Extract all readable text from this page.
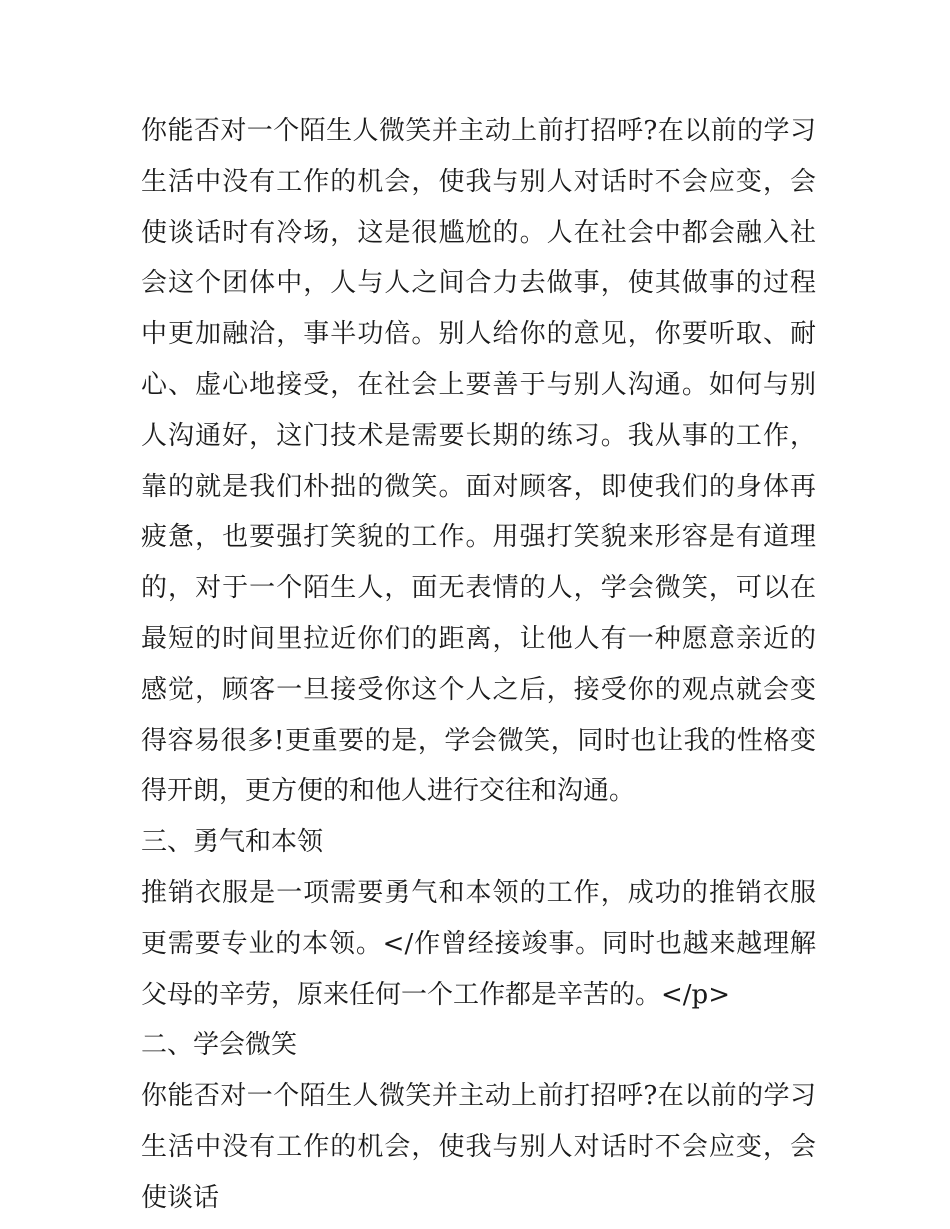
你能否对一个陌生人微笑并主动上前打招呼?在以前的学习生活中没有工作的机会，使我与别人对话时不会应变，会使谈话时有冷场，这是很尴尬的。人在社会中都会融入社会这个团体中，人与人之间合力去做事，使其做事的过程中更加融洽，事半功倍。别人给你的意见，你要听取、耐心、虚心地接受，在社会上要善于与别人沟通。如何与别人沟通好，这门技术是需要长期的练习。我从事的工作，靠的就是我们朴拙的微笑。面对顾客，即使我们的身体再疲惫，也要强打笑貌的工作。用强打笑貌来形容是有道理的，对于一个陌生人，面无表情的人，学会微笑，可以在最短的时间里拉近你们的距离，让他人有一种愿意亲近的感觉，顾客一旦接受你这个人之后，接受你的观点就会变得容易很多!更重要的是，学会微笑，同时也让我的性格变得开朗，更方便的和他人进行交往和沟通。

三、勇气和本领

推销衣服是一项需要勇气和本领的工作，成功的推销衣服更需要专业的本领。</作曾经接竣事。同时也越来越理解父母的辛劳，原来任何一个工作都是辛苦的。</p>

二、学会微笑

你能否对一个陌生人微笑并主动上前打招呼?在以前的学习生活中没有工作的机会，使我与别人对话时不会应变，会使谈话
